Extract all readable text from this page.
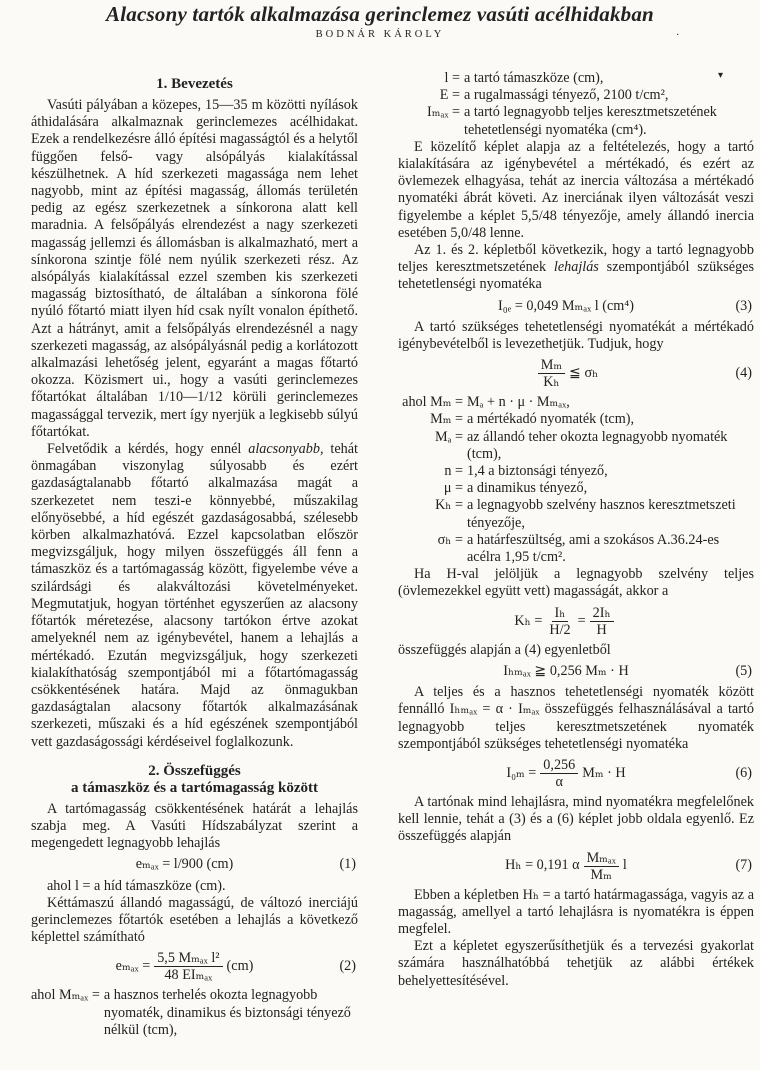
Alacsony tartók alkalmazása gerinclemez vasúti acélhidakban
BODNÁR KÁROLY	·
▾
1. Bevezetés

Vasúti pályában a közepes, 15—35 m közötti nyílások áthidalására alkalmaznak gerinclemezes acélhidakat. Ezek a rendelkezésre álló építési magasságtól és a helytől függően felső- vagy alsópályás kialakítással készülhetnek. A híd szerkezeti magassága nem lehet nagyobb, mint az építési magasság, állomás területén pedig az egész szerkezetnek a sínkorona alatt kell maradnia. A felsőpályás elrendezést a nagy szerkezeti magasság jellemzi és állomásban is alkalmazható, mert a sínkorona szintje fölé nem nyúlik szerkezeti rész. Az alsópályás kialakítással ezzel szemben kis szerkezeti magasság biztosítható, de általában a sínkorona fölé nyúló főtartó miatt ilyen híd csak nyílt vonalon építhető. Azt a hátrányt, amit a felsőpályás elrendezésnél a nagy szerkezeti magasság, az alsópályásnál pedig a korlátozott alkalmazási lehetőség jelent, egyaránt a magas főtartó okozza. Közismert ui., hogy a vasúti gerinclemezes főtartókat általában 1/10—1/12 körüli gerinclemezes magassággal tervezik, mert így nyerjük a legkisebb súlyú főtartókat.

Felvetődik a kérdés, hogy ennél alacsonyabb, tehát önmagában viszonylag súlyosabb és ezért gazdaságtalanabb főtartó alkalmazása magát a szerkezetet nem teszi-e könnyebbé, műszakilag előnyösebbé, a híd egészét gazdaságosabbá, szélesebb körben alkalmazhatóvá. Ezzel kapcsolatban először megvizsgáljuk, hogy milyen összefüggés áll fenn a támaszköz és a tartómagasság között, figyelembe véve a szilárdsági és alakváltozási követelményeket. Megmutatjuk, hogyan történhet egyszerűen az alacsony főtartók méretezése, alacsony tartókon értve azokat amelyeknél nem az igénybevétel, hanem a lehajlás a mértékadó. Ezután megvizsgáljuk, hogy szerkezeti kialakíthatóság szempontjából mi a főtartómagasság csökkentésének határa. Majd az önmagukban gazdaságtalan alacsony főtartók alkalmazásának szerkezeti, műszaki és a híd egészének szempontjából vett gazdaságossági kérdéseivel foglalkozunk.

2. Összefüggés
a támaszköz és a tartómagasság között

A tartómagasság csökkentésének határát a lehajlás szabja meg. A Vasúti Hídszabályzat szerint a megengedett legnagyobb lehajlás

eₘₐₓ = l/900 (cm)	(1)

ahol l = a híd támaszköze (cm).

Kéttámaszú állandó magasságú, de változó inerciájú gerinclemezes főtartók esetében a lehajlás a következő képlettel számítható

$e_{max} = \frac{\text{5,5 Mₘₐₓ l²}}{\text{48 EIₘₐₓ}} (cm)$	(2)
ahol Mₘₐₓ = a hasznos terhelés okozta legnagyobb nyomaték, dinamikus és biztonsági tényező nélkül (tcm),
l = a tartó támaszköze (cm),
E = a rugalmassági tényező, 2100 t/cm²,
Iₘₐₓ = a tartó legnagyobb teljes keresztmetszetének tehetetlenségi nyomatéka (cm⁴).

E közelítő képlet alapja az a feltételezés, hogy a tartó kialakítására az igénybevétel a mértékadó, és ezért az övlemezek elhagyása, tehát az inercia változása a mértékadó nyomatéki ábrát követi. Az inerciának ilyen változását veszi figyelembe a képlet 5,5/48 tényezője, amely állandó inercia esetében 5,0/48 lenne.

Az 1. és 2. képletből következik, hogy a tartó legnagyobb teljes keresztmetszetének lehajlás szempontjából szükséges tehetetlenségi nyomatéka

I₀ₑ = 0,049 Mₘₐₓ l (cm⁴)	(3)

A tartó szükséges tehetetlenségi nyomatékát a mértékadó igénybevételből is levezethetjük. Tudjuk, hogy

$\frac{\text{Mₘ}}{\text{Kₕ}}$ ≦ σₕ	(4)
ahol Mₘ = Mₐ + n · μ · Mₘₐₓ,
Mₘ = a mértékadó nyomaték (tcm),
Mₐ = az állandó teher okozta legnagyobb nyomaték (tcm),
n = 1,4 a biztonsági tényező,
μ = a dinamikus tényező,
Kₕ = a legnagyobb szelvény hasznos keresztmetszeti tényezője,
σₕ = a határfeszültség, ami a szokásos A.36.24-es acélra 1,95 t/cm².

Ha H-val jelöljük a legnagyobb szelvény teljes (övlemezekkel együtt vett) magasságát, akkor a

$K_h = \frac{\text{Iₕ}}{H/2} = \frac{\text{2Iₕ}}{H}$

összefüggés alapján a (4) egyenletből

Iₕₘₐₓ ≧ 0,256 Mₘ · H	(5)

A teljes és a hasznos tehetetlenségi nyomaték között fennálló Iₕₘₐₓ = α · Iₘₐₓ összefüggés felhasználásával a tartó legnagyobb teljes keresztmetszetének nyomaték szempontjából szükséges tehetetlenségi nyomatéka

$I_{0m} = \frac{0,256}{\alpha}$ Mₘ · H	(6)

A tartónak mind lehajlásra, mind nyomatékra megfelelőnek kell lennie, tehát a (3) és a (6) képlet jobb oldala egyenlő. Ez összefüggés alapján

Hₕ = 0,191 α $\frac{\text{Mₘₐₓ}}{\text{Mₘ}}$ l	(7)

Ebben a képletben Hₕ = a tartó határmagassága, vagyis az a magasság, amellyel a tartó lehajlásra is nyomatékra is éppen megfelel.

Ezt a képletet egyszerűsíthetjük és a tervezési gyakorlat számára használhatóbbá tehetjük az alábbi értékek behelyettesítésével.
